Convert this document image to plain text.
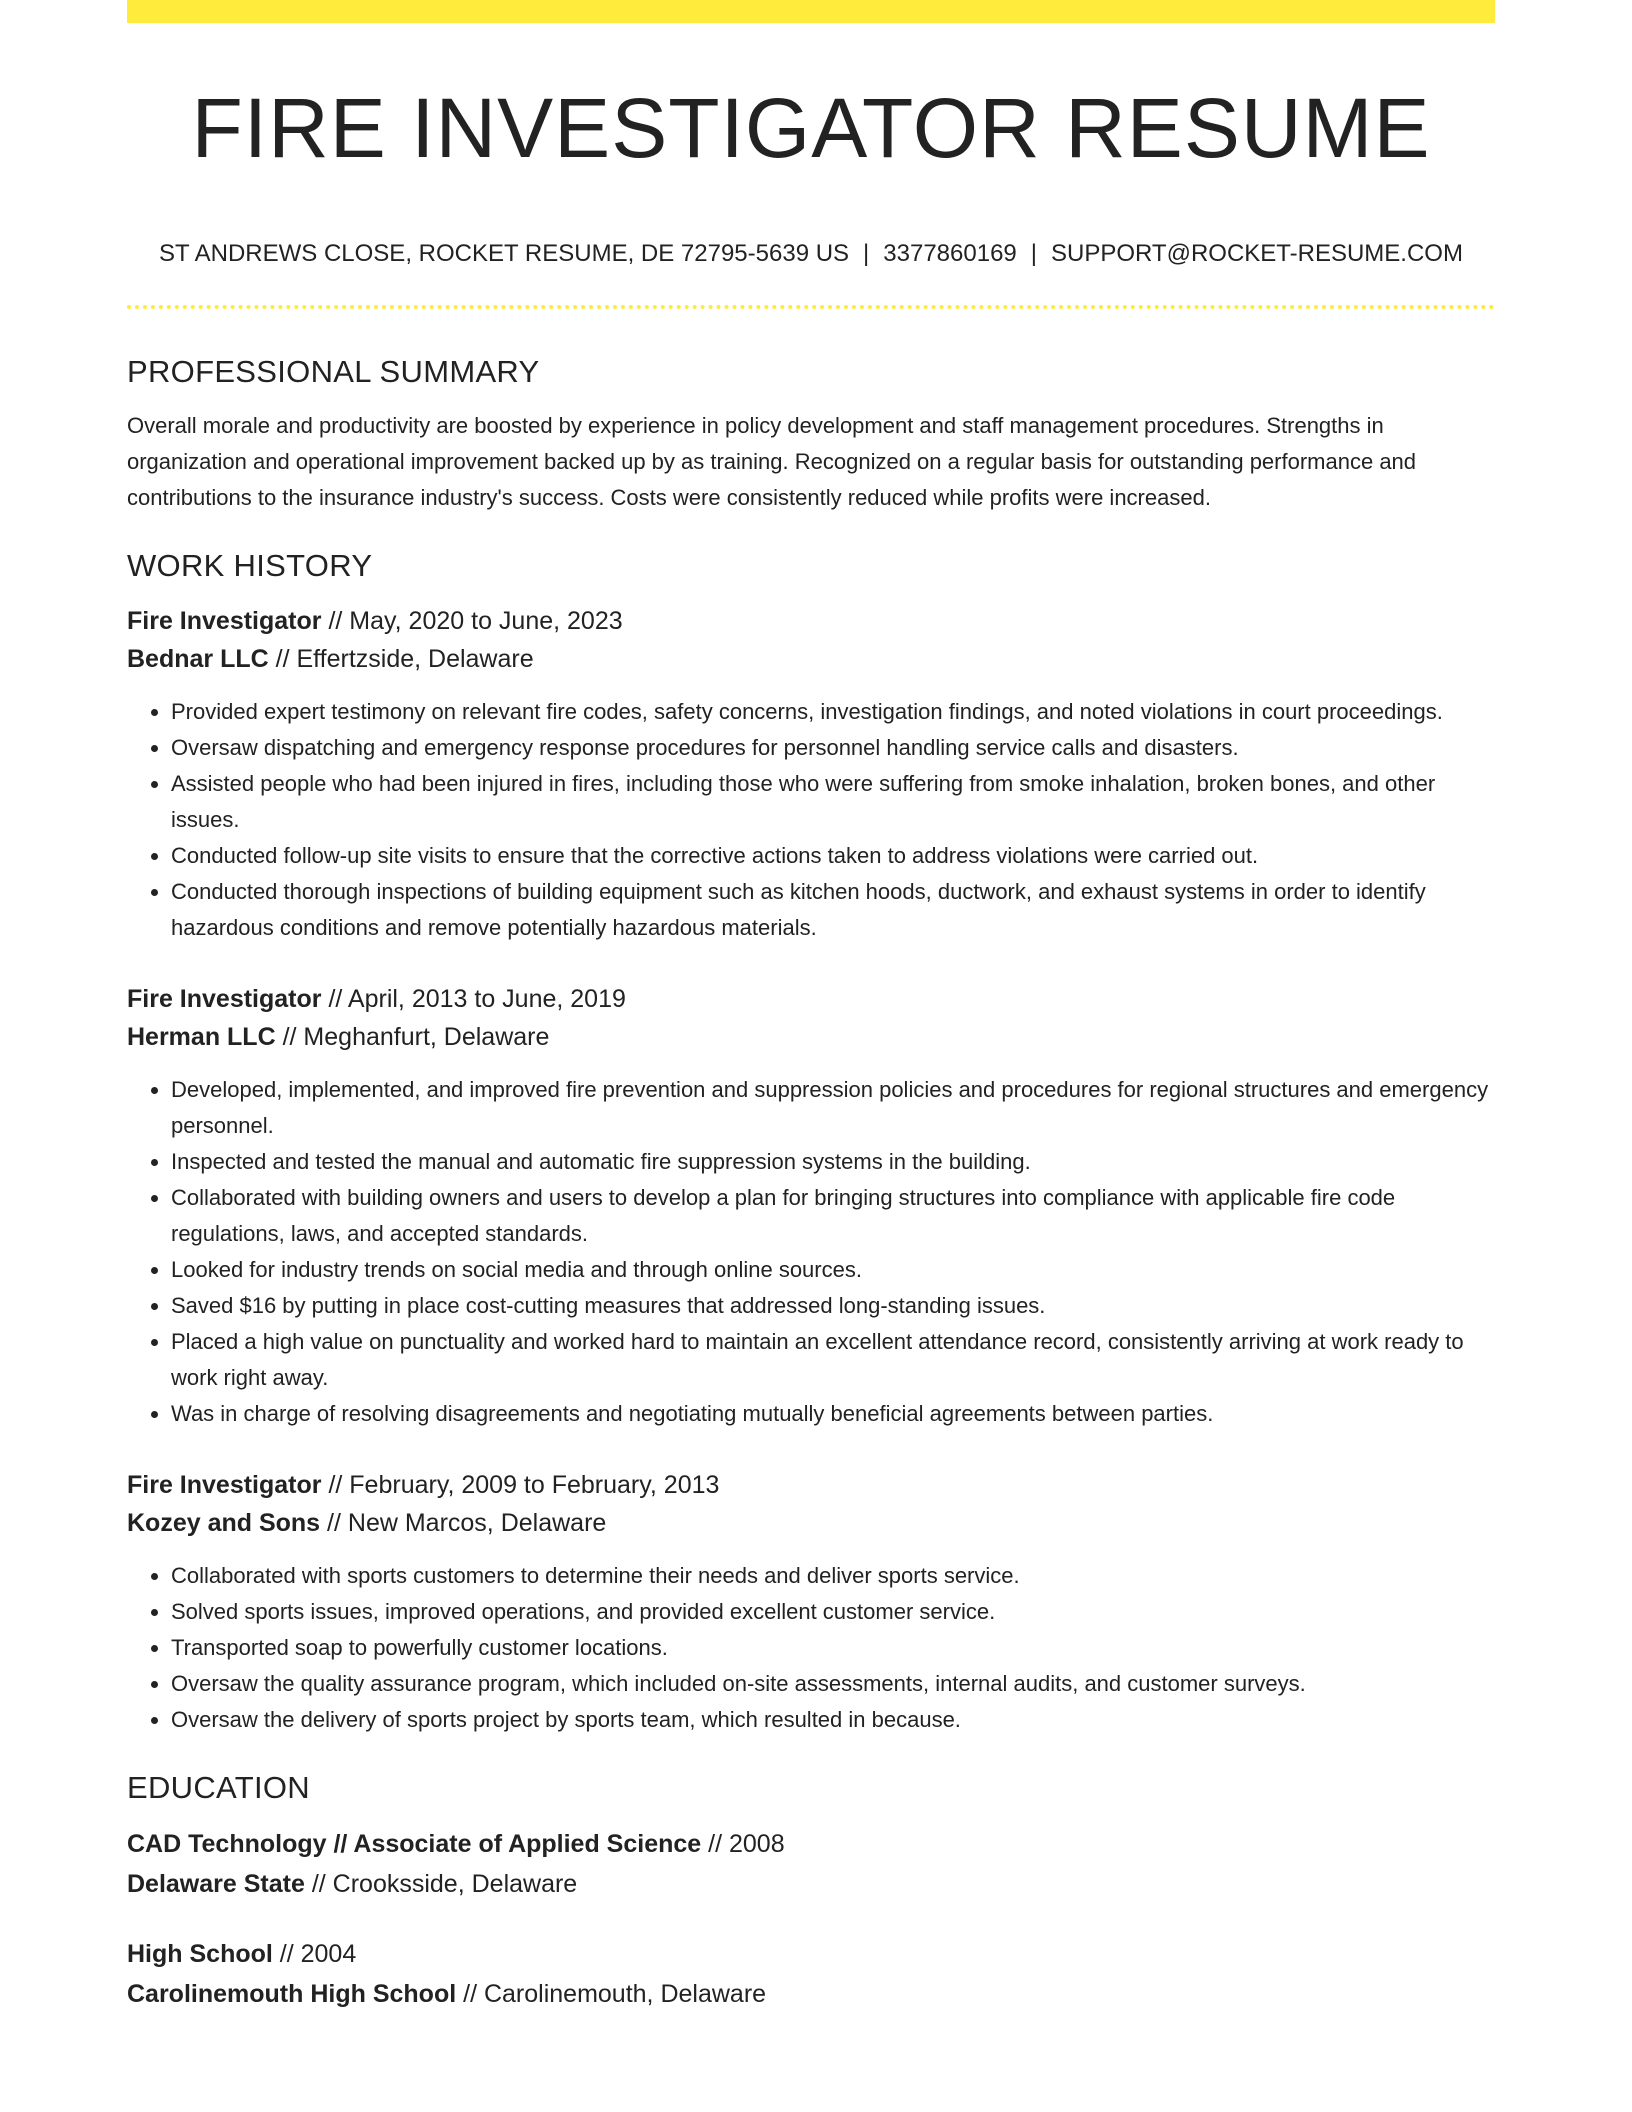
FIRE INVESTIGATOR RESUME
ST ANDREWS CLOSE, ROCKET RESUME, DE 72795-5639 US | 3377860169 | SUPPORT@ROCKET-RESUME.COM
PROFESSIONAL SUMMARY

Overall morale and productivity are boosted by experience in policy development and staff management procedures. Strengths in organization and operational improvement backed up by as training. Recognized on a regular basis for outstanding performance and contributions to the insurance industry's success. Costs were consistently reduced while profits were increased.

WORK HISTORY
Fire Investigator // May, 2020 to June, 2023
Bednar LLC // Effertzside, Delaware
• Provided expert testimony on relevant fire codes, safety concerns, investigation findings, and noted violations in court proceedings.
• Oversaw dispatching and emergency response procedures for personnel handling service calls and disasters.
• Assisted people who had been injured in fires, including those who were suffering from smoke inhalation, broken bones, and other issues.
• Conducted follow-up site visits to ensure that the corrective actions taken to address violations were carried out.
• Conducted thorough inspections of building equipment such as kitchen hoods, ductwork, and exhaust systems in order to identify hazardous conditions and remove potentially hazardous materials.
Fire Investigator // April, 2013 to June, 2019
Herman LLC // Meghanfurt, Delaware
• Developed, implemented, and improved fire prevention and suppression policies and procedures for regional structures and emergency personnel.
• Inspected and tested the manual and automatic fire suppression systems in the building.
• Collaborated with building owners and users to develop a plan for bringing structures into compliance with applicable fire code regulations, laws, and accepted standards.
• Looked for industry trends on social media and through online sources.
• Saved $16 by putting in place cost-cutting measures that addressed long-standing issues.
• Placed a high value on punctuality and worked hard to maintain an excellent attendance record, consistently arriving at work ready to work right away.
• Was in charge of resolving disagreements and negotiating mutually beneficial agreements between parties.
Fire Investigator // February, 2009 to February, 2013
Kozey and Sons // New Marcos, Delaware
• Collaborated with sports customers to determine their needs and deliver sports service.
• Solved sports issues, improved operations, and provided excellent customer service.
• Transported soap to powerfully customer locations.
• Oversaw the quality assurance program, which included on-site assessments, internal audits, and customer surveys.
• Oversaw the delivery of sports project by sports team, which resulted in because.
EDUCATION
CAD Technology // Associate of Applied Science // 2008
Delaware State // Crooksside, Delaware
High School // 2004
Carolinemouth High School // Carolinemouth, Delaware
